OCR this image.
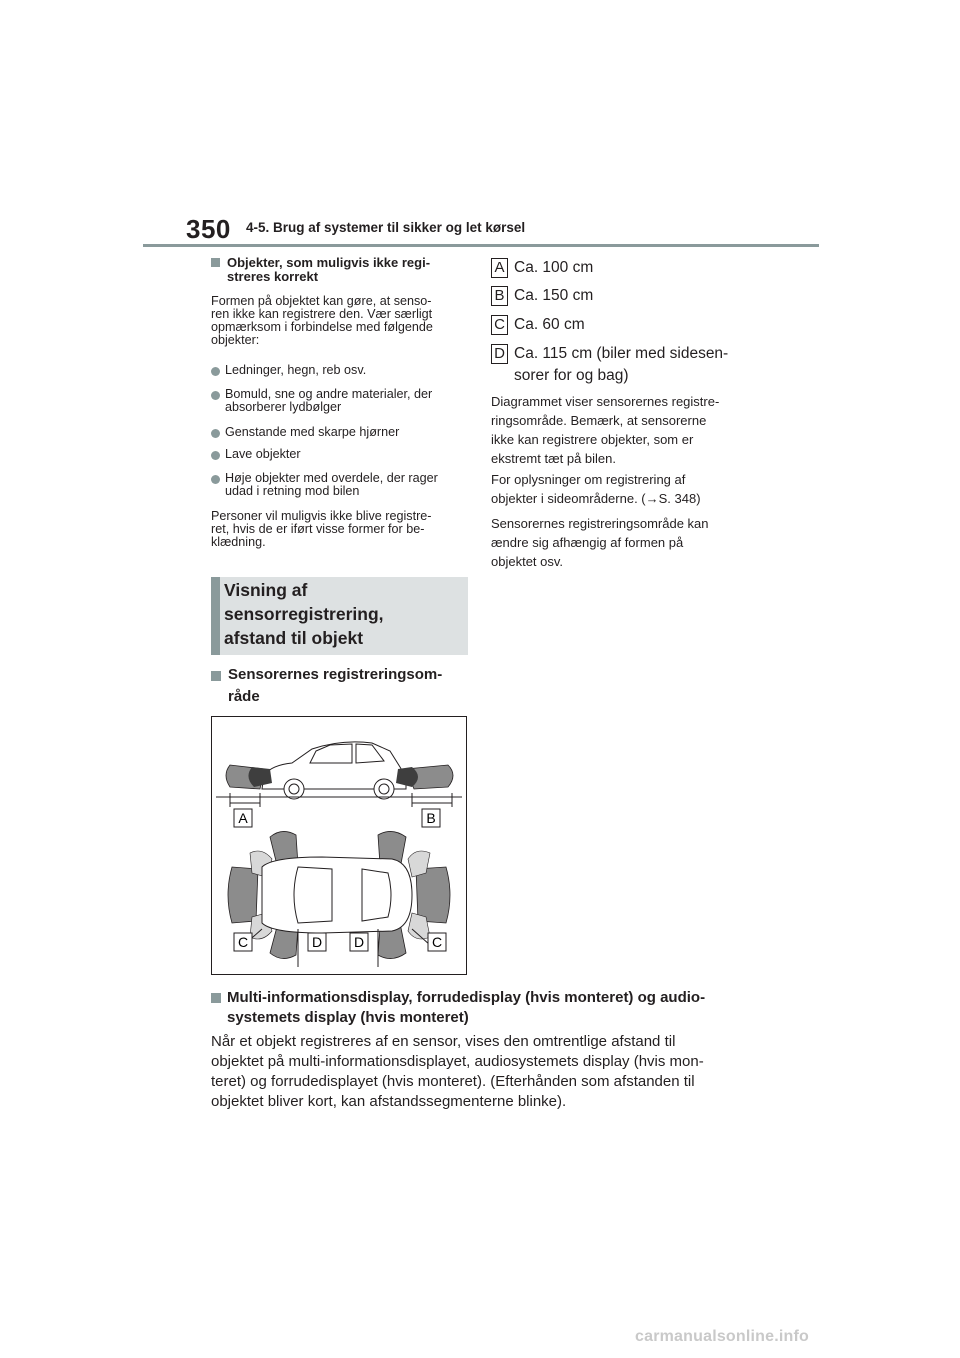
350 4-5. Brug af systemer til sikker og let kørsel
Objekter, som muligvis ikke regi-
streres korrekt
Formen på objektet kan gøre, at senso-
ren ikke kan registrere den. Vær særligt
opmærksom i forbindelse med følgende
objekter:
Ledninger, hegn, reb osv.
Bomuld, sne og andre materialer, der
absorberer lydbølger
Genstande med skarpe hjørner
Lave objekter
Høje objekter med overdele, der rager
udad i retning mod bilen
Personer vil muligvis ikke blive registre-
ret, hvis de er iført visse former for be-
klædning.
Visning af
sensorregistrering,
afstand til objekt
Sensorernes registreringsom-
råde
A	B
C	D D	C
A Ca. 100 cm
B Ca. 150 cm
C Ca. 60 cm
D Ca. 115 cm (biler med sidesen-
sorer for og bag)
Diagrammet viser sensorernes registre-
ringsområde. Bemærk, at sensorerne
ikke kan registrere objekter, som er
ekstremt tæt på bilen.
For oplysninger om registrering af
objekter i sideområderne. (→S. 348)
Sensorernes registreringsområde kan
ændre sig afhængig af formen på
objektet osv.
Multi-informationsdisplay, forrudedisplay (hvis monteret) og audio-
systemets display (hvis monteret)
Når et objekt registreres af en sensor, vises den omtrentlige afstand til
objektet på multi-informationsdisplayet, audiosystemets display (hvis mon-
teret) og forrudedisplayet (hvis monteret). (Efterhånden som afstanden til
objektet bliver kort, kan afstandssegmenterne blinke).
carmanualsonline.info
